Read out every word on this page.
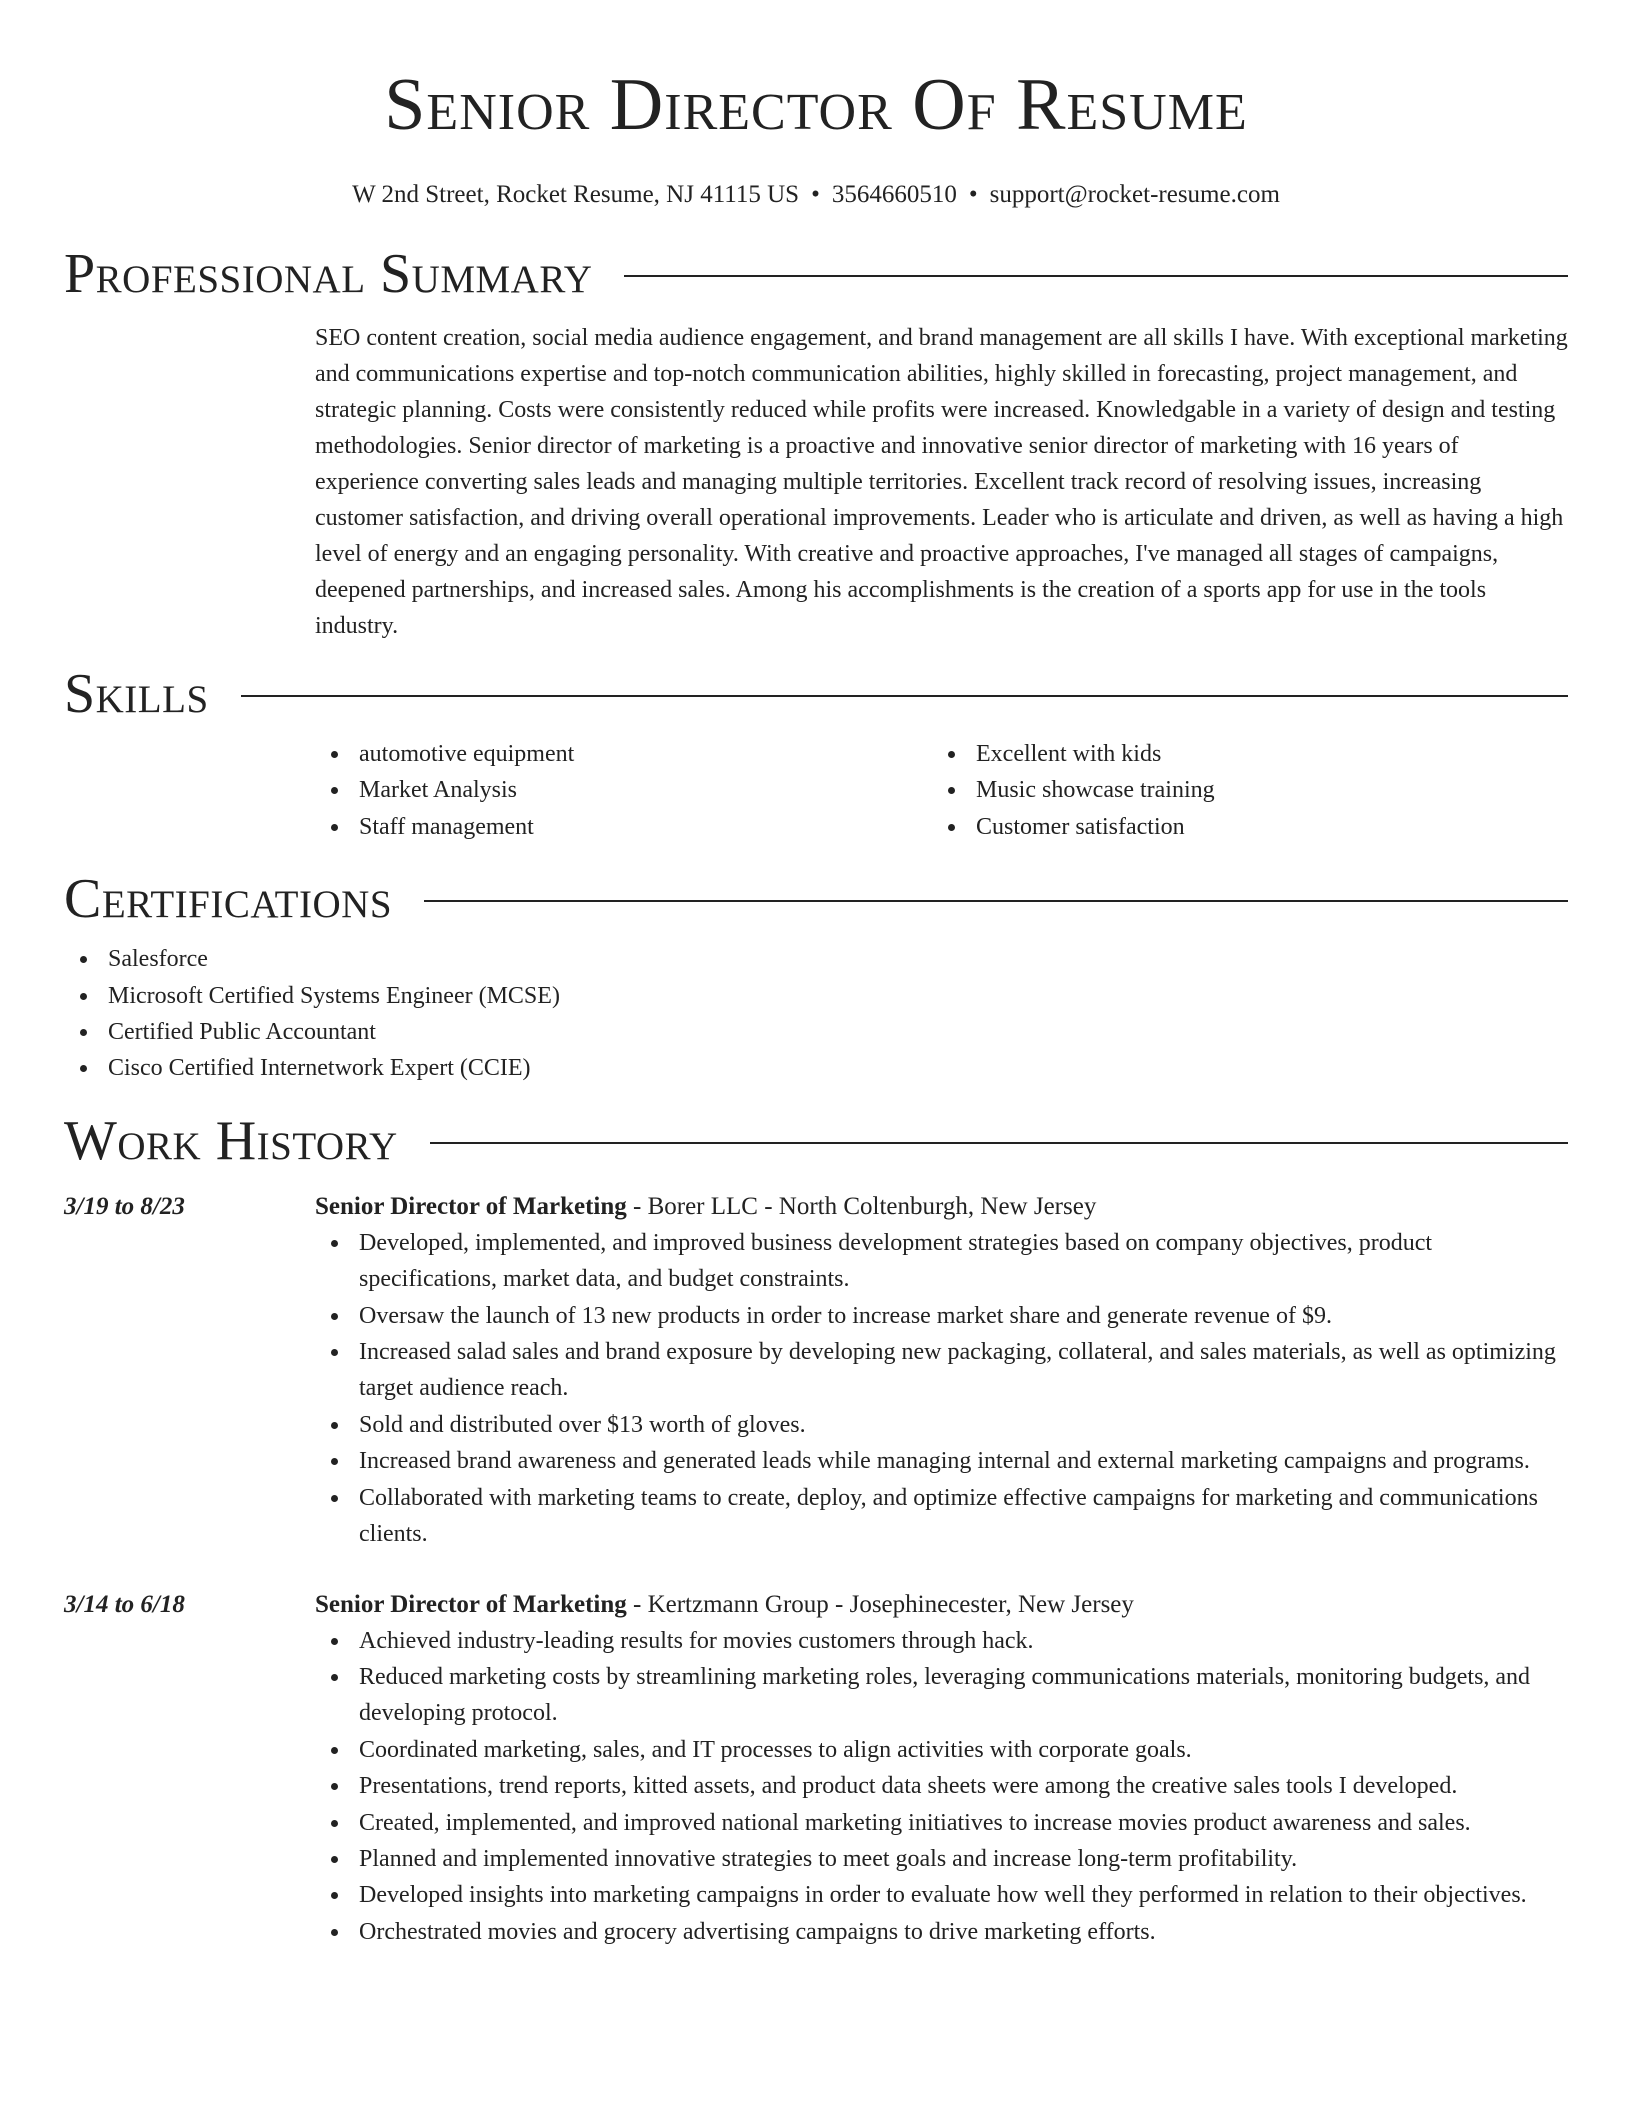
Senior Director Of Resume
W 2nd Street, Rocket Resume, NJ 41115 US • 3564660510 • support@rocket-resume.com
Professional Summary
SEO content creation, social media audience engagement, and brand management are all skills I have. With exceptional marketing and communications expertise and top-notch communication abilities, highly skilled in forecasting, project management, and strategic planning. Costs were consistently reduced while profits were increased. Knowledgable in a variety of design and testing methodologies. Senior director of marketing is a proactive and innovative senior director of marketing with 16 years of experience converting sales leads and managing multiple territories. Excellent track record of resolving issues, increasing customer satisfaction, and driving overall operational improvements. Leader who is articulate and driven, as well as having a high level of energy and an engaging personality. With creative and proactive approaches, I've managed all stages of campaigns, deepened partnerships, and increased sales. Among his accomplishments is the creation of a sports app for use in the tools industry.
Skills
automotive equipment
Market Analysis
Staff management
Excellent with kids
Music showcase training
Customer satisfaction
Certifications
Salesforce
Microsoft Certified Systems Engineer (MCSE)
Certified Public Accountant
Cisco Certified Internetwork Expert (CCIE)
Work History
3/19 to 8/23	Senior Director of Marketing - Borer LLC - North Coltenburgh, New Jersey
Developed, implemented, and improved business development strategies based on company objectives, product specifications, market data, and budget constraints.
Oversaw the launch of 13 new products in order to increase market share and generate revenue of $9.
Increased salad sales and brand exposure by developing new packaging, collateral, and sales materials, as well as optimizing target audience reach.
Sold and distributed over $13 worth of gloves.
Increased brand awareness and generated leads while managing internal and external marketing campaigns and programs.
Collaborated with marketing teams to create, deploy, and optimize effective campaigns for marketing and communications clients.
3/14 to 6/18	Senior Director of Marketing - Kertzmann Group - Josephinecester, New Jersey
Achieved industry-leading results for movies customers through hack.
Reduced marketing costs by streamlining marketing roles, leveraging communications materials, monitoring budgets, and developing protocol.
Coordinated marketing, sales, and IT processes to align activities with corporate goals.
Presentations, trend reports, kitted assets, and product data sheets were among the creative sales tools I developed.
Created, implemented, and improved national marketing initiatives to increase movies product awareness and sales.
Planned and implemented innovative strategies to meet goals and increase long-term profitability.
Developed insights into marketing campaigns in order to evaluate how well they performed in relation to their objectives.
Orchestrated movies and grocery advertising campaigns to drive marketing efforts.
